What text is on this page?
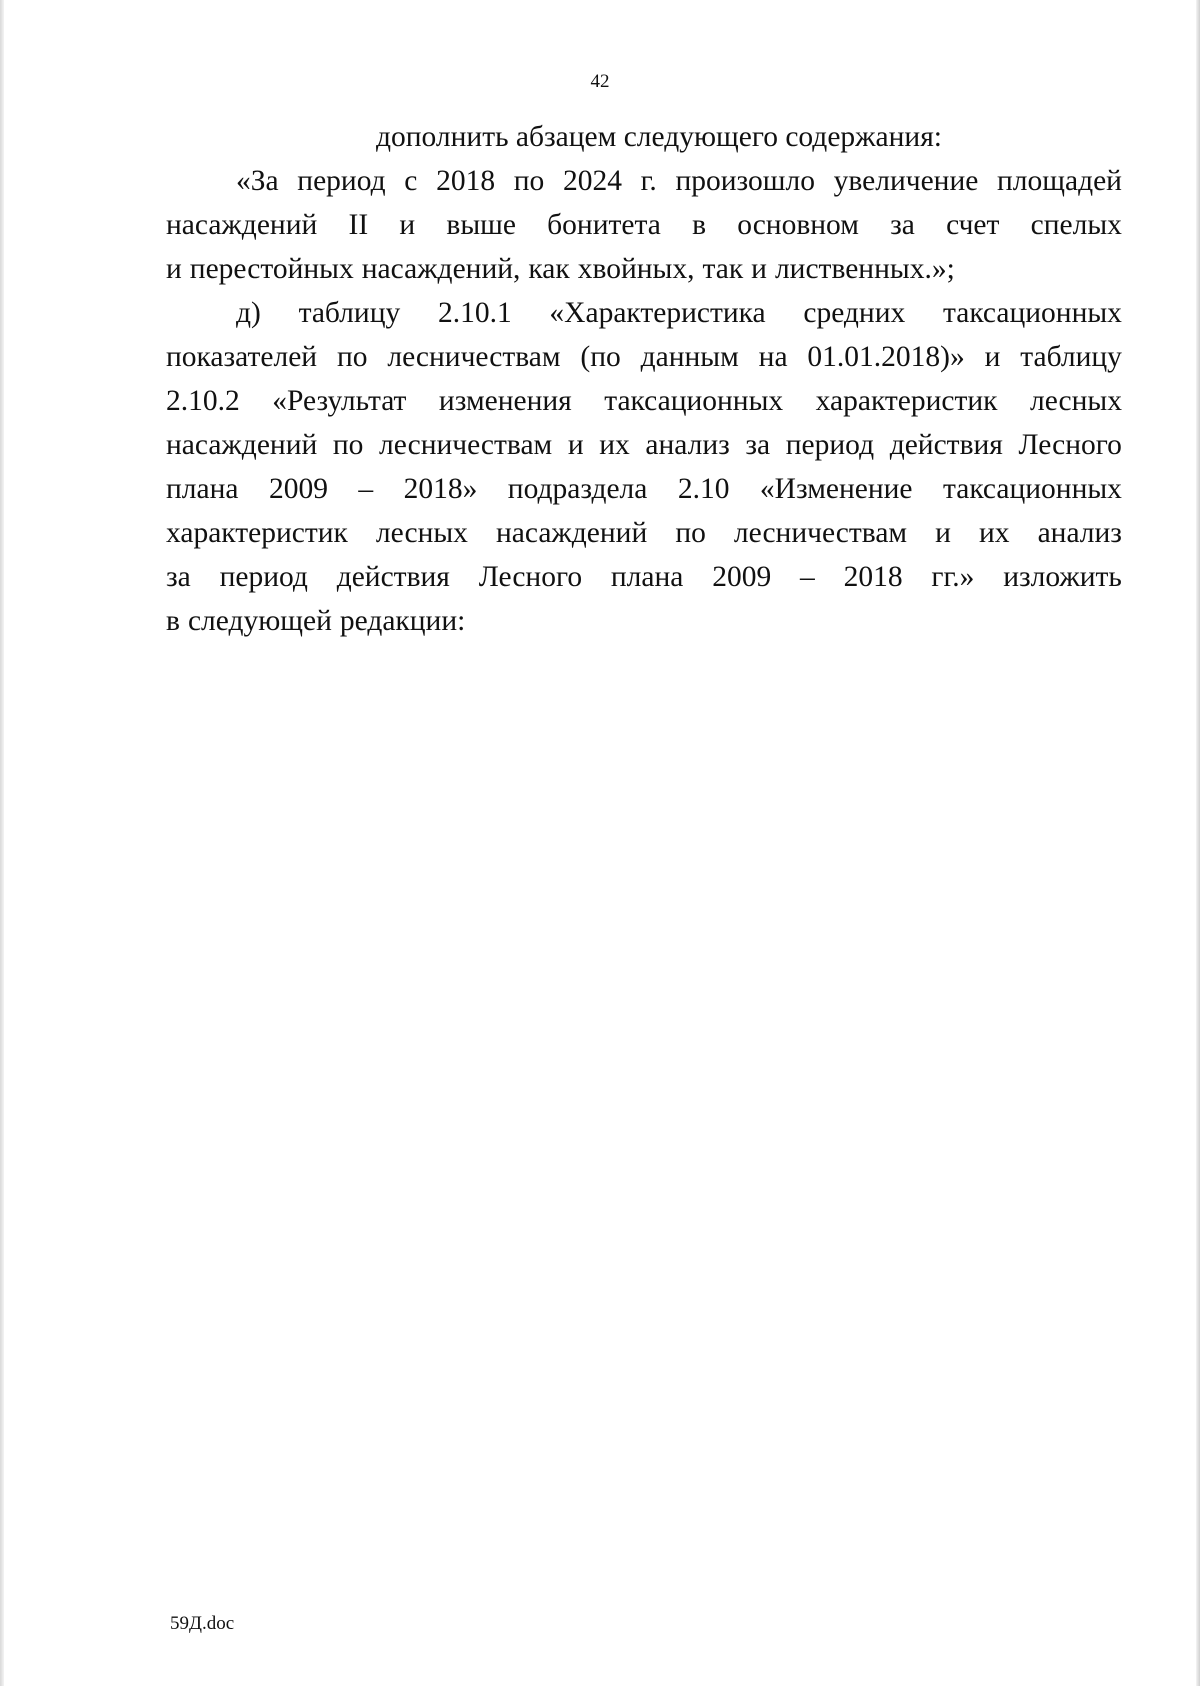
42

дополнить абзацем следующего содержания:

«За период с 2018 по 2024 г. произошло увеличение площадей
насаждений II и выше бонитета в основном за счет спелых
и перестойных насаждений, как хвойных, так и лиственных.»;
д) таблицу 2.10.1 «Характеристика средних таксационных
показателей по лесничествам (по данным на 01.01.2018)» и таблицу
2.10.2 «Результат изменения таксационных характеристик лесных
насаждений по лесничествам и их анализ за период действия Лесного
плана 2009 – 2018» подраздела 2.10 «Изменение таксационных
характеристик лесных насаждений по лесничествам и их анализ
за период действия Лесного плана 2009 – 2018 гг.» изложить
в следующей редакции:
59Д.doc
